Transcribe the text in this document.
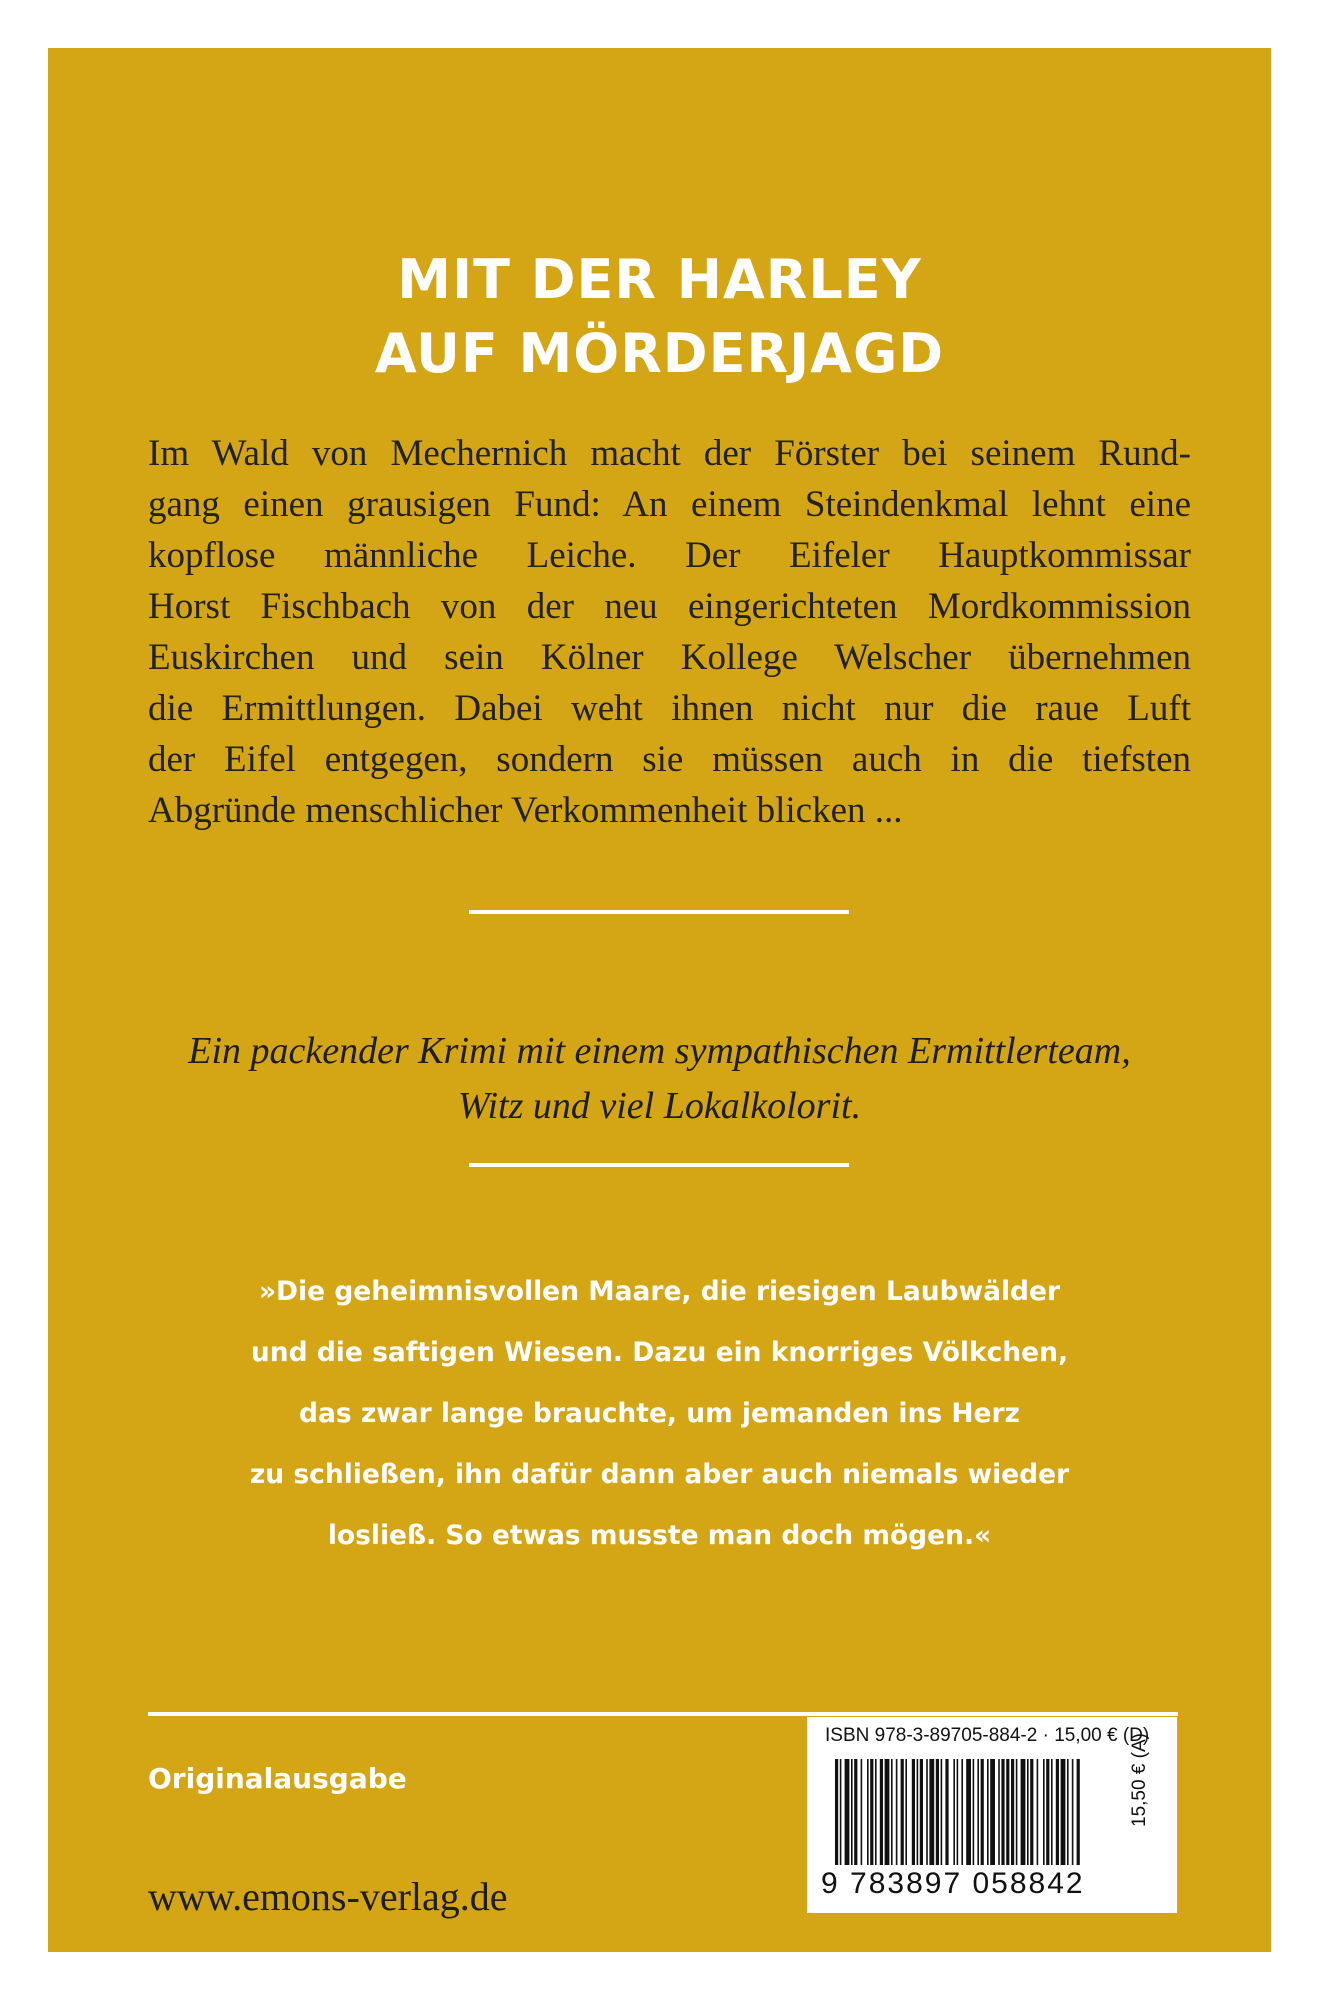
MIT DER HARLEY
AUF MÖRDERJAGD
Im Wald von Mechernich macht der Förster bei seinem Rund-
gang einen grausigen Fund: An einem Steindenkmal lehnt eine
kopflose männliche Leiche. Der Eifeler Hauptkommissar
Horst Fischbach von der neu eingerichteten Mordkommission
Euskirchen und sein Kölner Kollege Welscher übernehmen
die Ermittlungen. Dabei weht ihnen nicht nur die raue Luft
der Eifel entgegen, sondern sie müssen auch in die tiefsten
Abgründe menschlicher Verkommenheit blicken ...
Ein packender Krimi mit einem sympathischen Ermittlerteam,
Witz und viel Lokalkolorit.
»Die geheimnisvollen Maare, die riesigen Laubwälder
und die saftigen Wiesen. Dazu ein knorriges Völkchen,
das zwar lange brauchte, um jemanden ins Herz
zu schließen, ihn dafür dann aber auch niemals wieder
losließ. So etwas musste man doch mögen.«
Originalausgabe
www.emons-verlag.de
ISBN 978-3-89705-884-2 · 15,00 € (D)
9 783897 058842
15,50 € (A)
